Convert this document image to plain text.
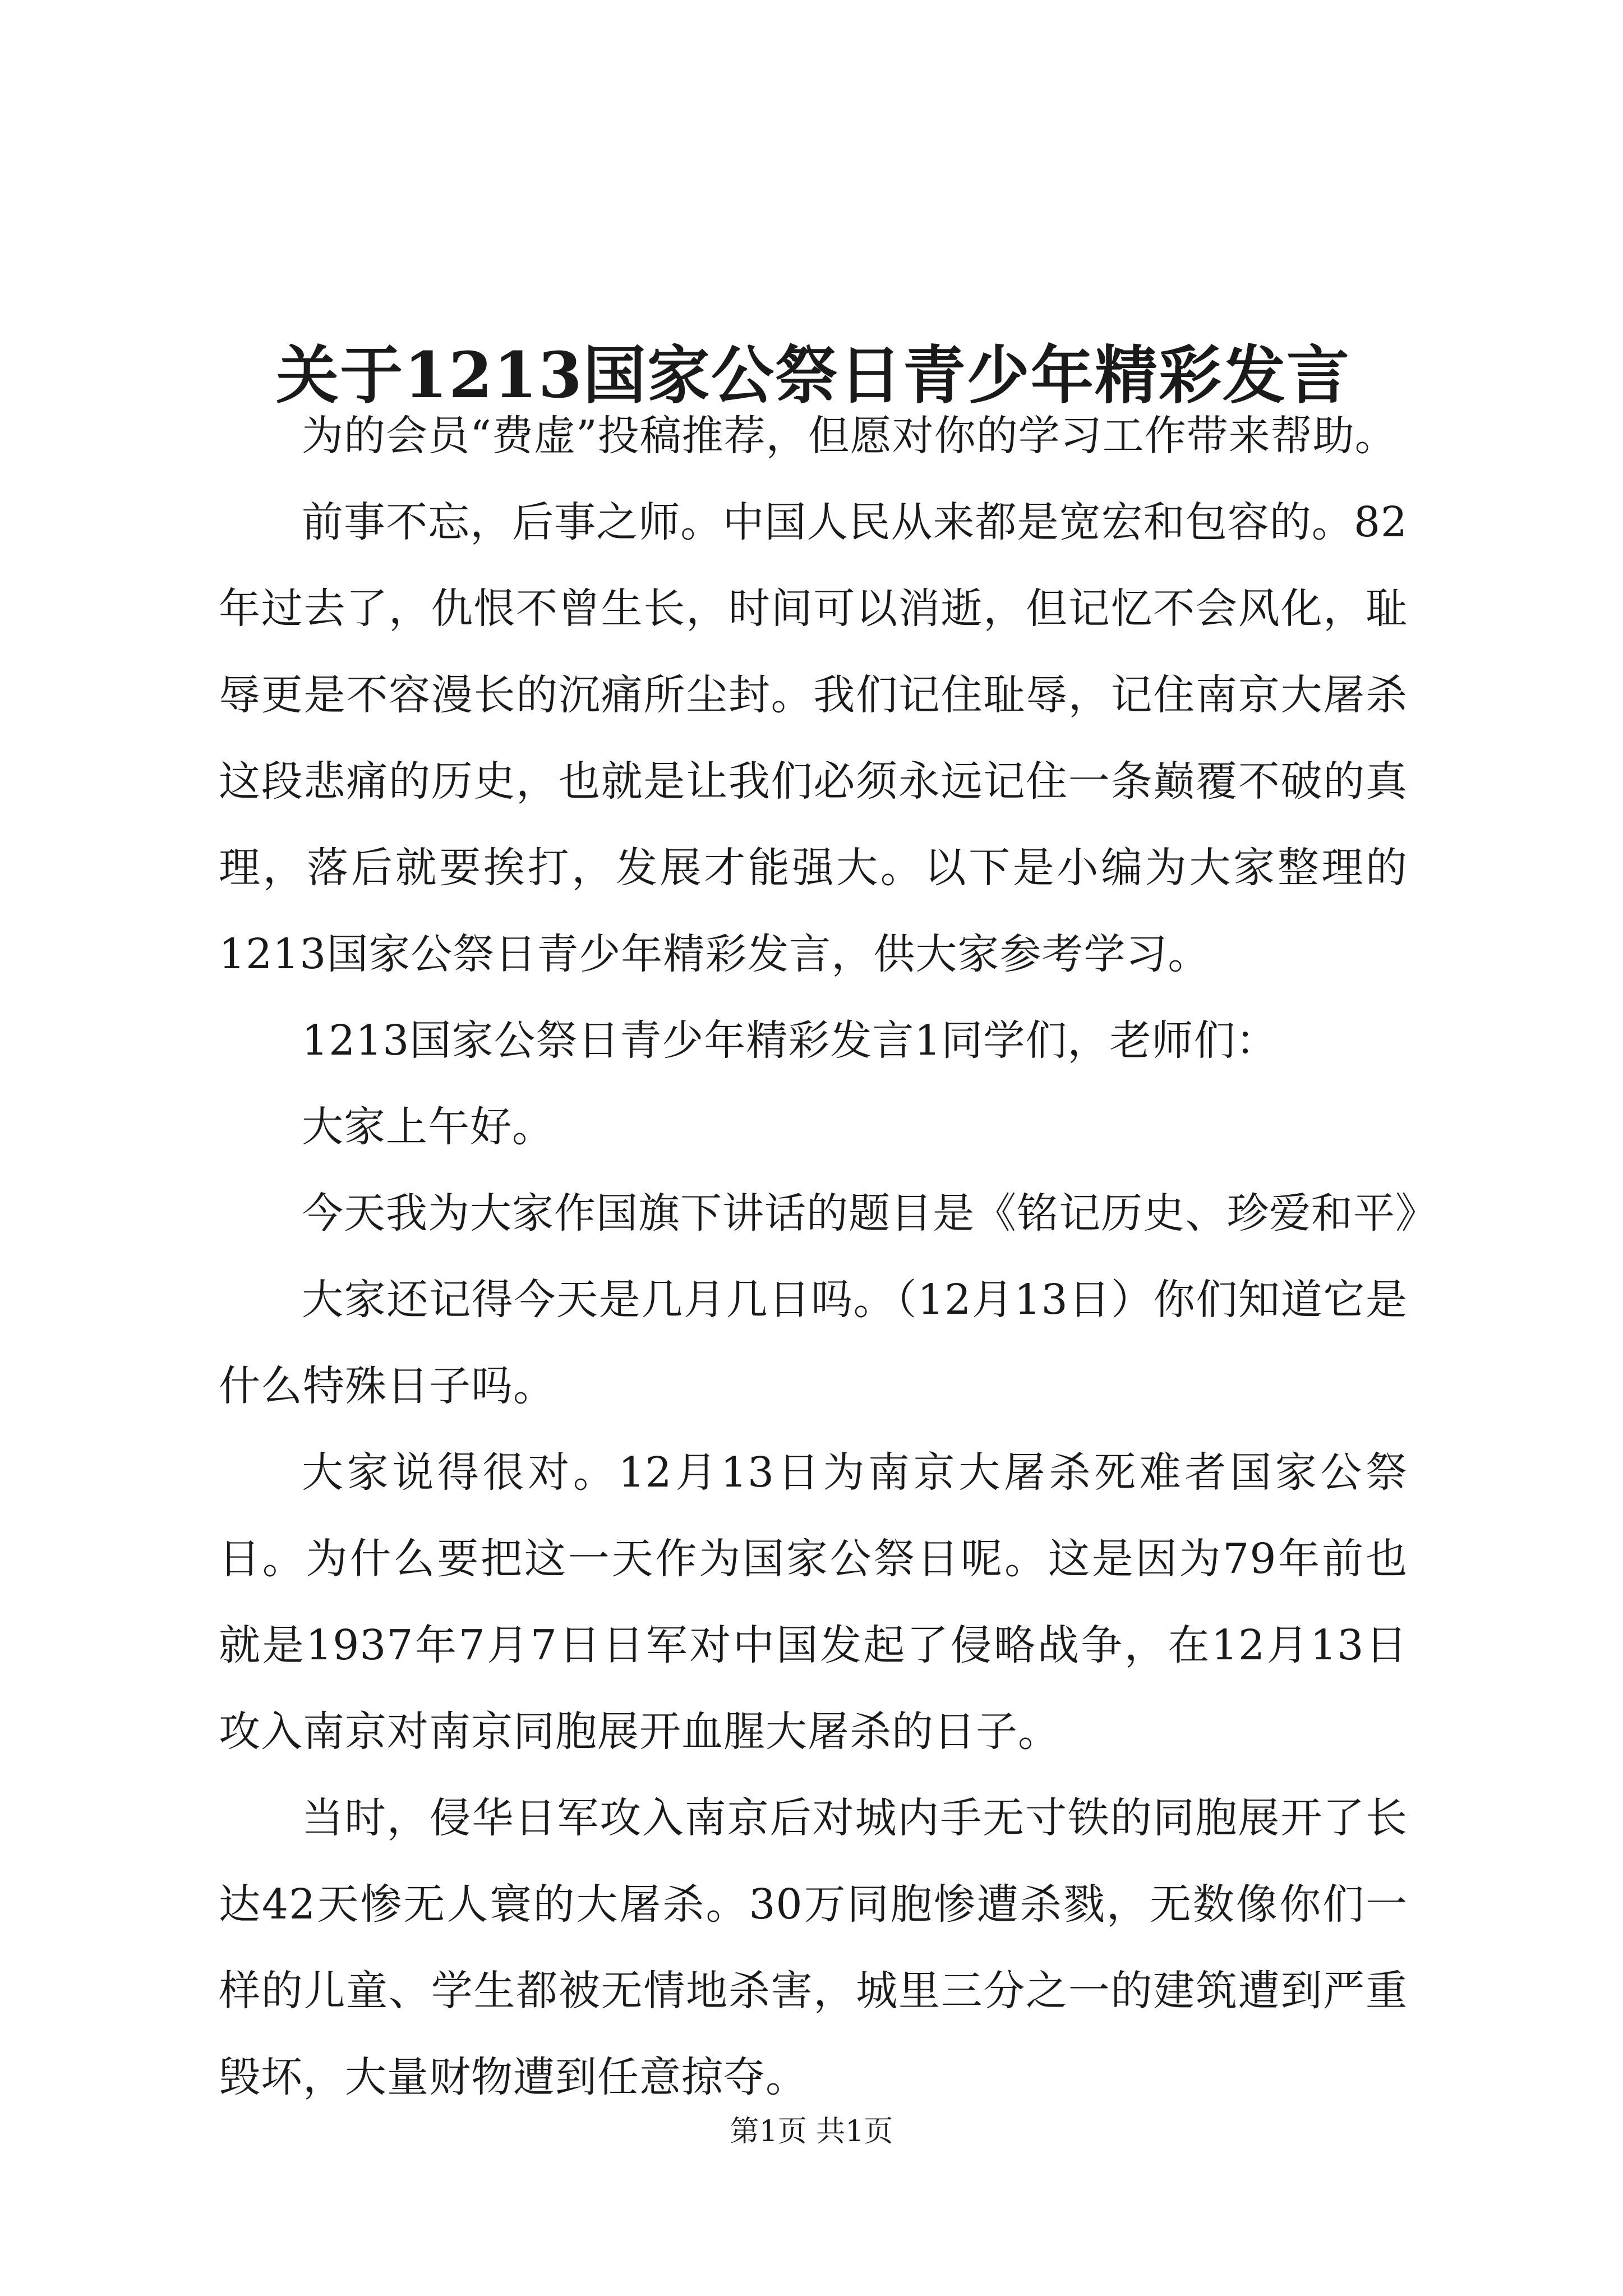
关于1213国家公祭日青少年精彩发言

为的会员“费虚”投稿推荐，但愿对你的学习工作带来帮助。

前事不忘，后事之师。中国人民从来都是宽宏和包容的。82年过去了，仇恨不曾生长，时间可以消逝，但记忆不会风化，耻辱更是不容漫长的沉痛所尘封。我们记住耻辱，记住南京大屠杀这段悲痛的历史，也就是让我们必须永远记住一条巅覆不破的真理，落后就要挨打，发展才能强大。以下是小编为大家整理的1213国家公祭日青少年精彩发言，供大家参考学习。

1213国家公祭日青少年精彩发言1同学们，老师们：

大家上午好。

今天我为大家作国旗下讲话的题目是《铭记历史、珍爱和平》

大家还记得今天是几月几日吗。（12月13日）你们知道它是什么特殊日子吗。

大家说得很对。12月13日为南京大屠杀死难者国家公祭日。为什么要把这一天作为国家公祭日呢。这是因为79年前也就是1937年7月7日日军对中国发起了侵略战争，在12月13日攻入南京对南京同胞展开血腥大屠杀的日子。

当时，侵华日军攻入南京后对城内手无寸铁的同胞展开了长达42天惨无人寰的大屠杀。30万同胞惨遭杀戮，无数像你们一样的儿童、学生都被无情地杀害，城里三分之一的建筑遭到严重毁坏，大量财物遭到任意掠夺。

第1页 共1页
